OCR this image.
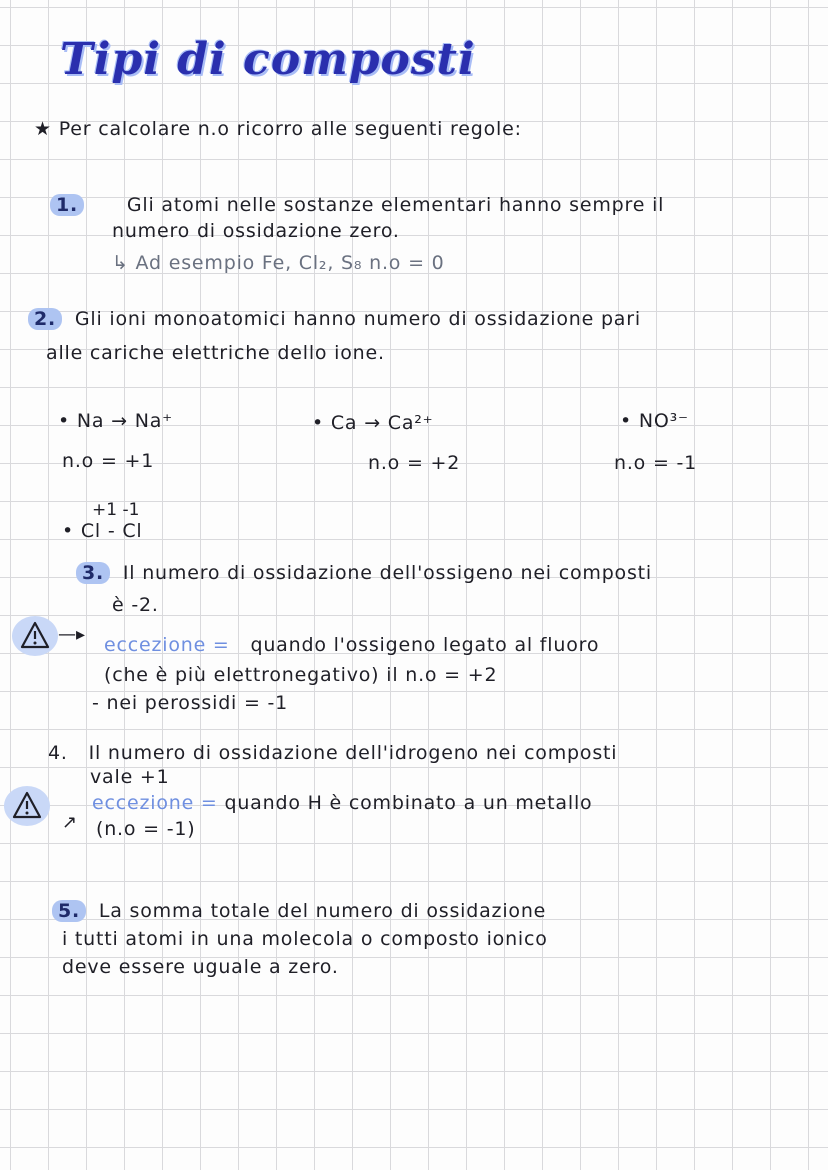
Tipi di composti
★ Per calcolare n.o ricorro alle seguenti regole:
1.	Gli atomi nelle sostanze elementari hanno sempre il
numero di ossidazione zero.
↳ Ad esempio Fe, Cl₂, S₈ n.o = 0
2. Gli ioni monoatomici hanno numero di ossidazione pari
alle cariche elettriche dello ione.
• Na → Na⁺
n.o = +1
• Ca → Ca²⁺
n.o = +2
• NO³⁻
n.o = -1
+1 -1
• Cl - Cl
3. Il numero di ossidazione dell'ossigeno nei composti
è -2.
—▸ eccezione = quando l'ossigeno legato al fluoro
(che è più elettronegativo) il n.o = +2
- nei perossidi = -1
4. Il numero di ossidazione dell'idrogeno nei composti
vale +1
↗
eccezione = quando H è combinato a un metallo
(n.o = -1)
5. La somma totale del numero di ossidazione
i tutti atomi in una molecola o composto ionico
deve essere uguale a zero.
